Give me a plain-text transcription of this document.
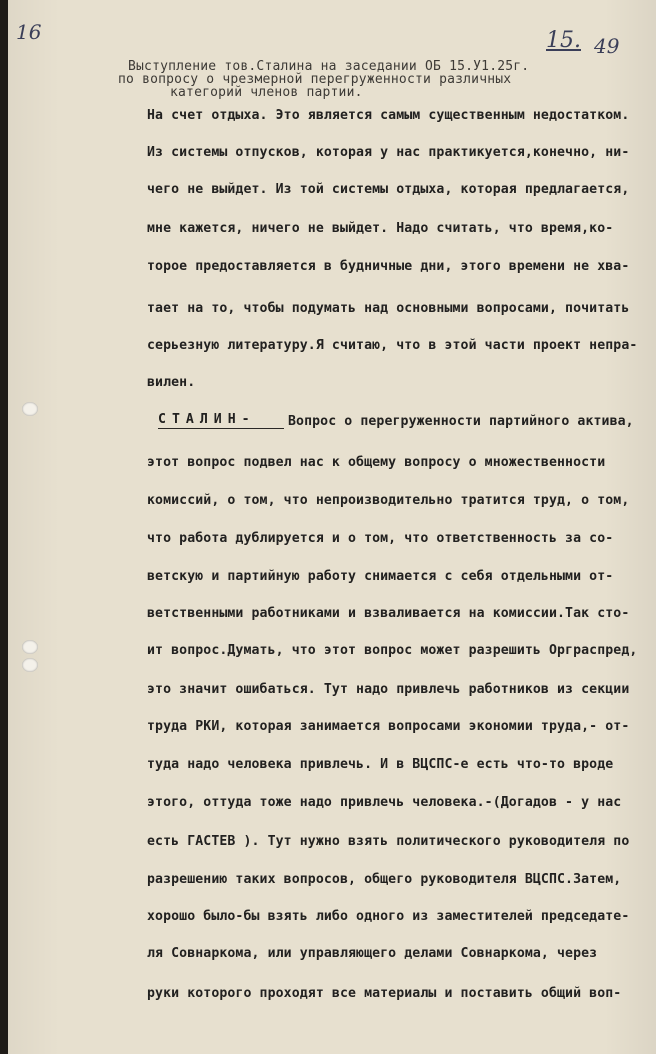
16	15. 49
Выступление тов.Сталина на заседании ОБ 15.У1.25г.
по вопросу о чрезмерной перегруженности различных
категорий членов партии.
На счет отдыха. Это является самым существенным недостатком.
Из системы отпусков, которая у нас практикуется,конечно, ни-
чего не выйдет. Из той системы отдыха, которая предлагается,
мне кажется, ничего не выйдет. Надо считать, что время,ко-
торое предоставляется в будничные дни, этого времени не хва-
тает на то, чтобы подумать над основными вопросами, почитать
серьезную литературу.Я считаю, что в этой части проект непра-
вилен.
СТАЛИН-	Вопрос о перегруженности партийного актива,
этот вопрос подвел нас к общему вопросу о множественности
комиссий, о том, что непроизводительно тратится труд, о том,
что работа дублируется и о том, что ответственность за со-
ветскую и партийную работу снимается с себя отдельными от-
ветственными работниками и взваливается на комиссии.Так сто-
ит вопрос.Думать, что этот вопрос может разрешить Орграспред,
это значит ошибаться. Тут надо привлечь работников из секции
труда РКИ, которая занимается вопросами экономии труда,- от-
туда надо человека привлечь. И в ВЦСПС-е есть что-то вроде
этого, оттуда тоже надо привлечь человека.-(Догадов - у нас
есть ГАСТЕВ ). Тут нужно взять политического руководителя по
разрешению таких вопросов, общего руководителя ВЦСПС.Затем,
хорошо было-бы взять либо одного из заместителей председате-
ля Совнаркома, или управляющего делами Совнаркома, через
руки которого проходят все материалы и поставить общий воп-
